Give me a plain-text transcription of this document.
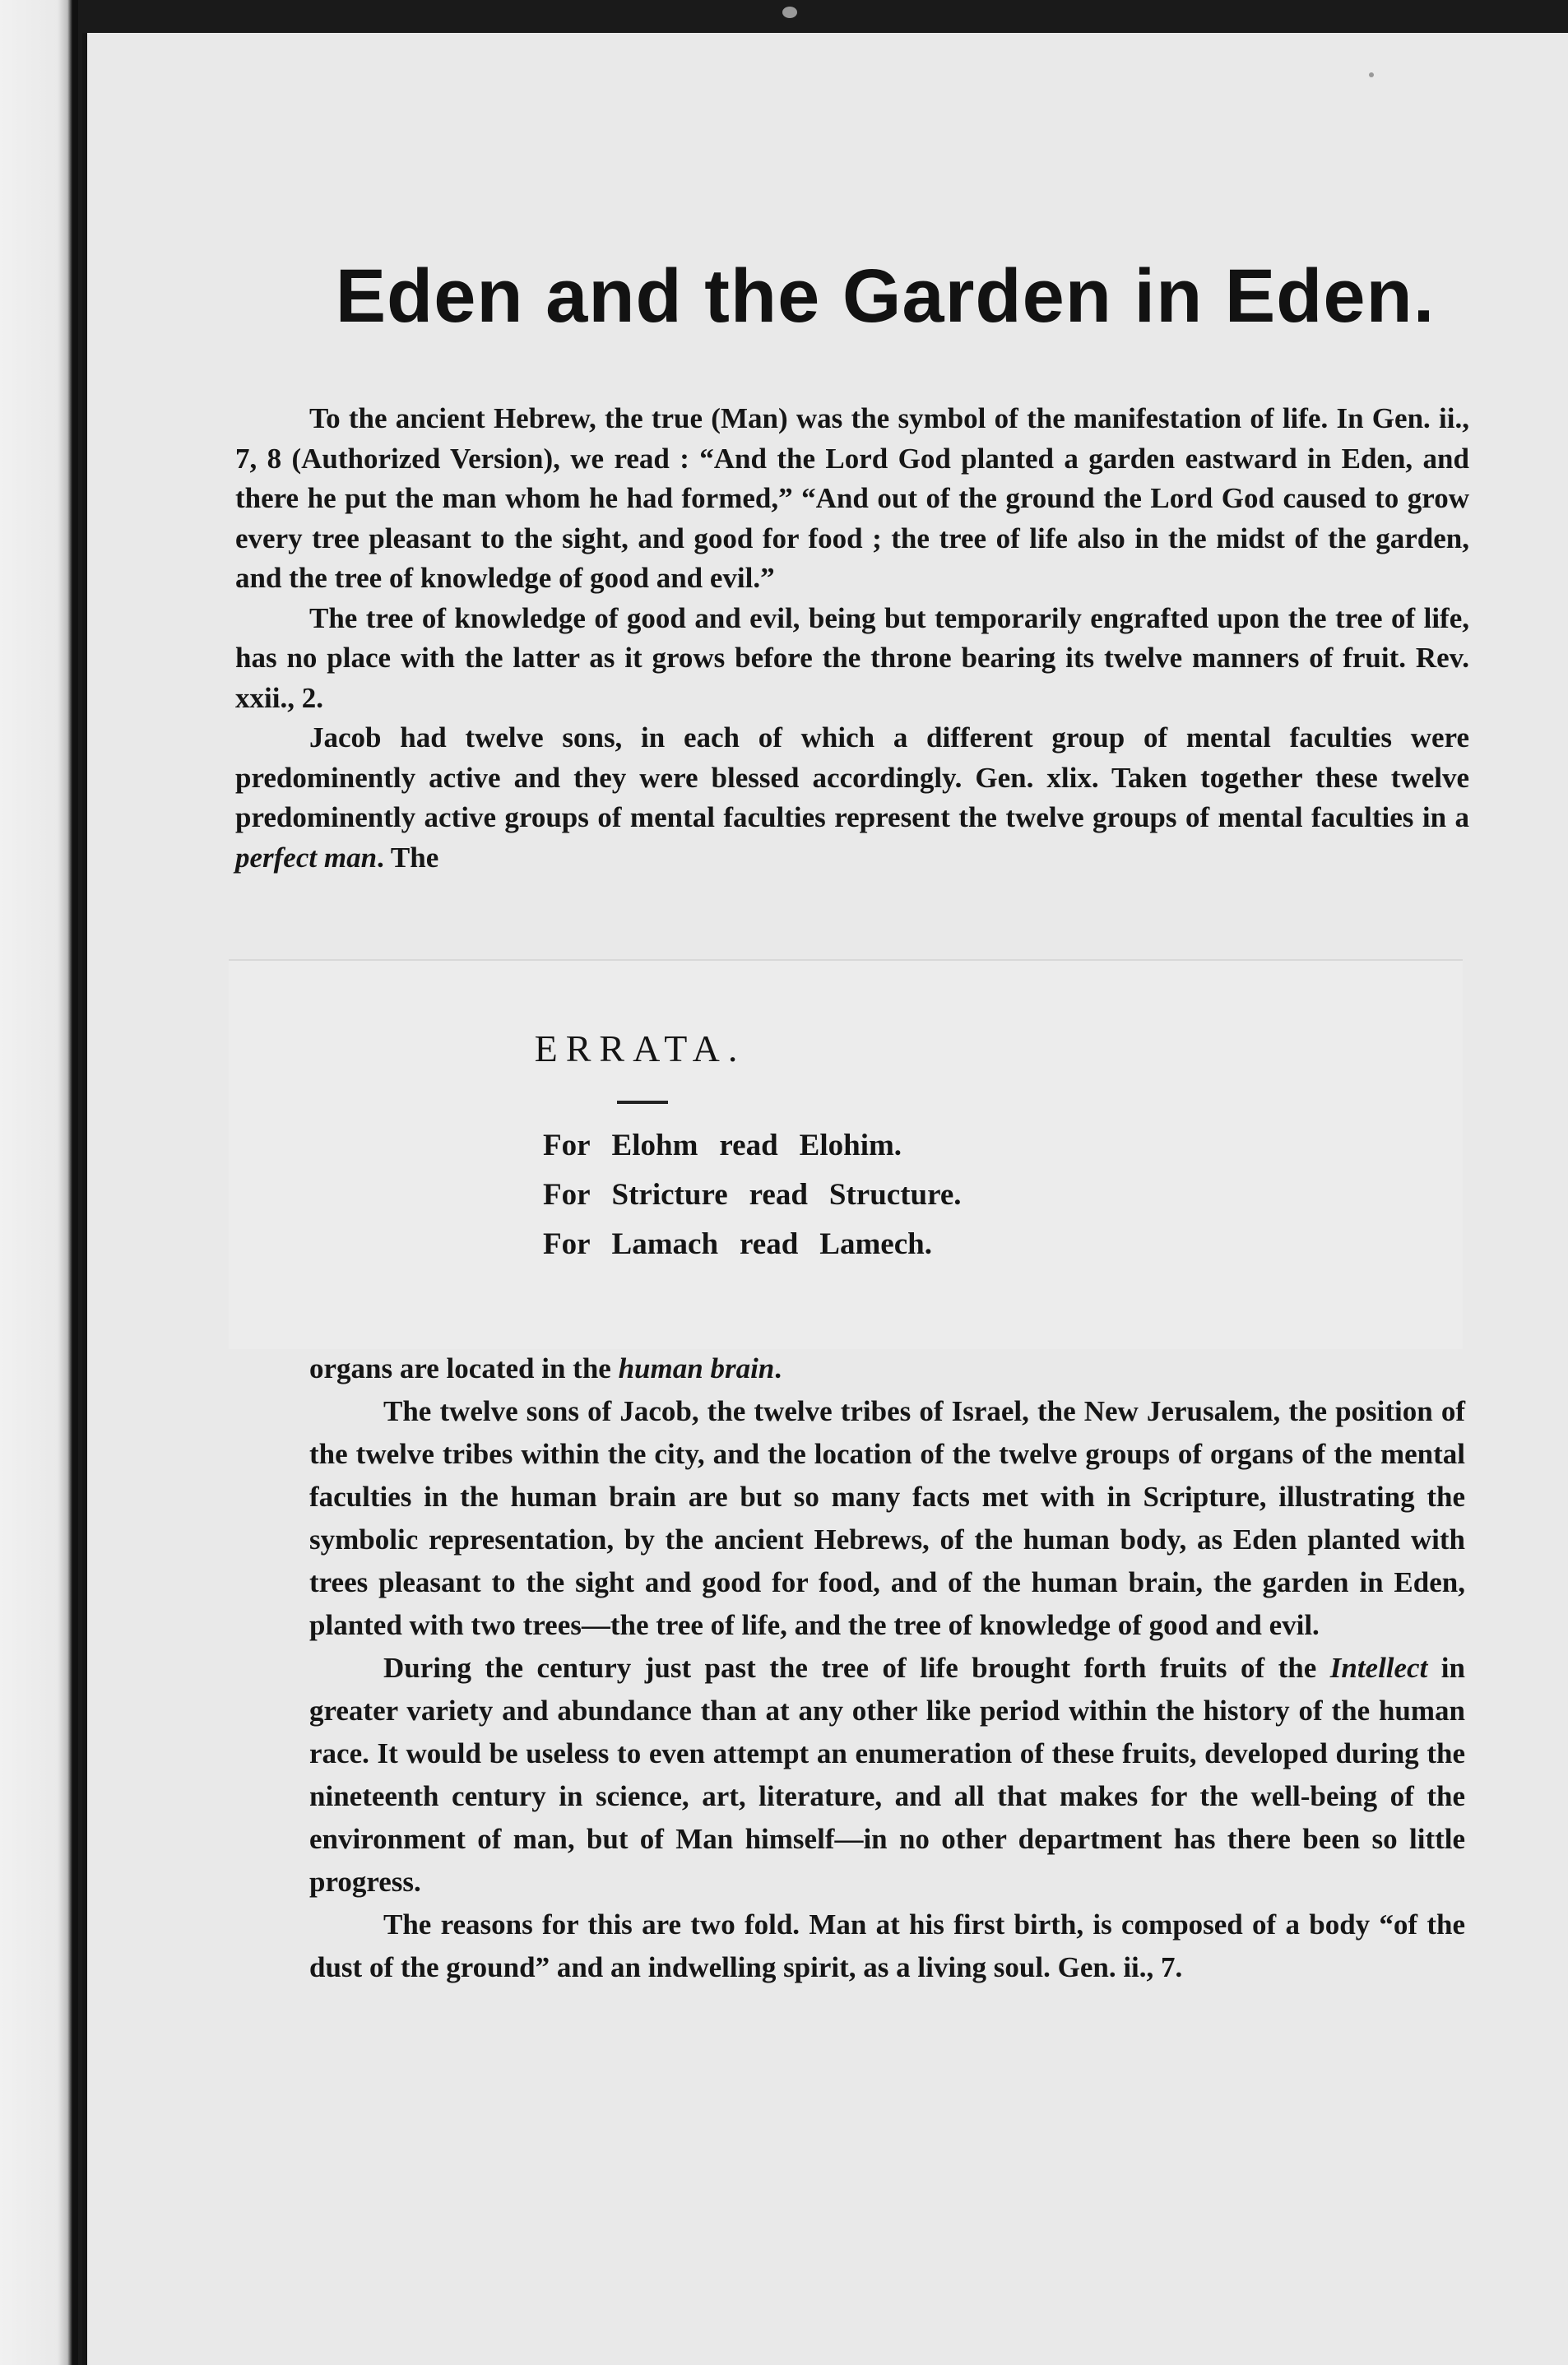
Eden and the Garden in Eden.

To the ancient Hebrew, the true (Man) was the symbol of the manifestation of life. In Gen. ii., 7, 8 (Authorized Version), we read : “And the Lord God planted a garden eastward in Eden, and there he put the man whom he had formed,” “And out of the ground the Lord God caused to grow every tree pleasant to the sight, and good for food ; the tree of life also in the midst of the garden, and the tree of knowledge of good and evil.”

The tree of knowledge of good and evil, being but temporarily engrafted upon the tree of life, has no place with the latter as it grows before the throne bearing its twelve manners of fruit. Rev. xxii., 2.

Jacob had twelve sons, in each of which a different group of mental faculties were predominently active and they were blessed accordingly. Gen. xlix. Taken together these twelve predominently active groups of mental faculties represent the twelve groups of mental faculties in a perfect man. The

ERRATA.
For Elohm read Elohim.
For Stricture read Structure.
For Lamach read Lamech.

organs are located in the human brain.

The twelve sons of Jacob, the twelve tribes of Israel, the New Jerusalem, the position of the twelve tribes within the city, and the location of the twelve groups of organs of the mental faculties in the human brain are but so many facts met with in Scripture, illustrating the symbolic representation, by the ancient Hebrews, of the human body, as Eden planted with trees pleasant to the sight and good for food, and of the human brain, the garden in Eden, planted with two trees—the tree of life, and the tree of knowledge of good and evil.

During the century just past the tree of life brought forth fruits of the Intellect in greater variety and abundance than at any other like period within the history of the human race. It would be useless to even attempt an enumeration of these fruits, developed during the nineteenth century in science, art, literature, and all that makes for the well-being of the environment of man, but of Man himself—in no other department has there been so little progress.

The reasons for this are two fold. Man at his first birth, is composed of a body “of the dust of the ground” and an indwelling spirit, as a living soul. Gen. ii., 7.
